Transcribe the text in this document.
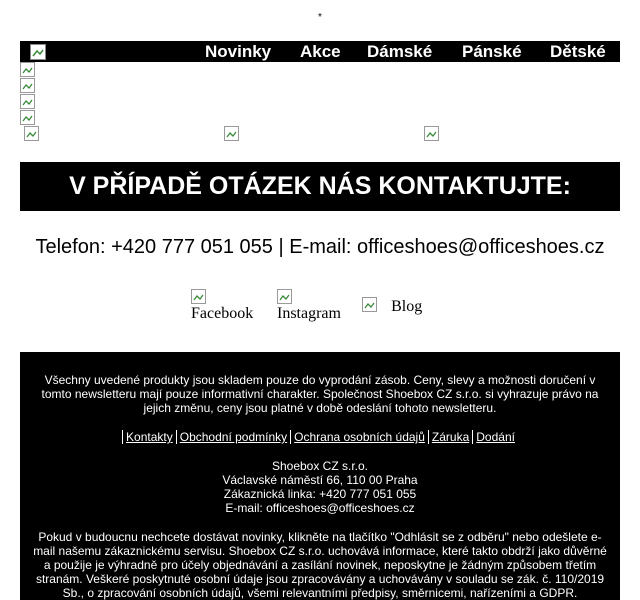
*
Novinky Akce Dámské Pánské Dětské
V PŘÍPADĚ OTÁZEK NÁS KONTAKTUJTE:
Telefon: +420 777 051 055 | E-mail: officeshoes@officeshoes.cz
Facebook Instagram	Blog

Všechny uvedené produkty jsou skladem pouze do vyprodání zásob. Ceny, slevy a možnosti doručení v tomto newsletteru mají pouze informativní charakter. Společnost Shoebox CZ s.r.o. si vyhrazuje právo na jejich změnu, ceny jsou platné v době odeslání tohoto newsletteru.

Kontakty Obchodní podmínky Ochrana osobních údajů Záruka Dodání
Shoebox CZ s.r.o.
Václavské náměstí 66, 110 00 Praha
Zákaznická linka: +420 777 051 055
E-mail: officeshoes@officeshoes.cz

Pokud v budoucnu nechcete dostávat novinky, klikněte na tlačítko "Odhlásit se z odběru" nebo odešlete e-mail našemu zákaznickému servisu. Shoebox CZ s.r.o. uchovává informace, které takto obdrží jako důvěrné a použije je výhradně pro účely objednávání a zasílání novinek, neposkytne je žádným způsobem třetím stranám. Veškeré poskytnuté osobní údaje jsou zpracovávány a uchovávány v souladu se zák. č. 110/2019 Sb., o zpracování osobních údajů, všemi relevantními předpisy, směrnicemi, nařízeními a GDPR.
